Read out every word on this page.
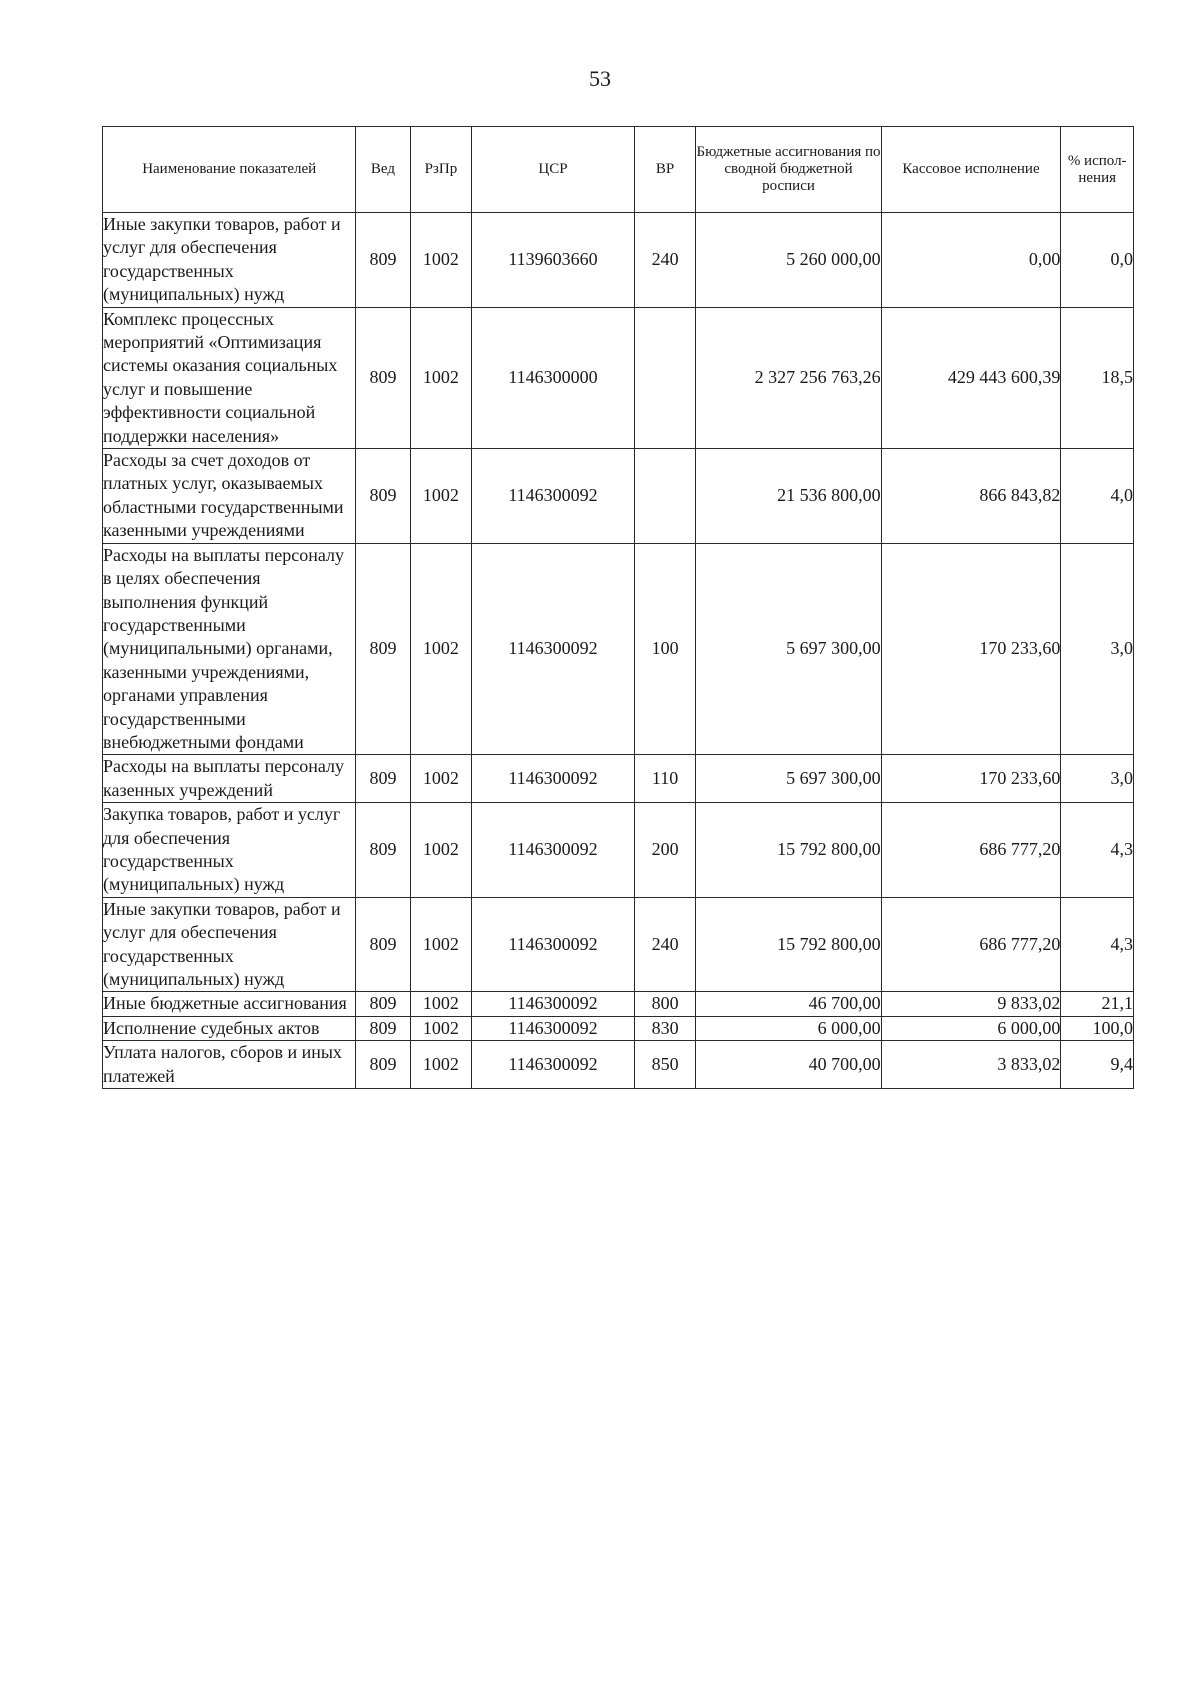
53
Наименование показателей	Вед	РзПр	ЦСР	ВР	Бюджетные ассигнования по сводной бюджетной росписи	Кассовое исполнение	% испол-нения
Иные закупки товаров, работ и услуг для обеспечения государственных (муниципальных) нужд	809	1002	1139603660	240	5 260 000,00	0,00	0,0
Комплекс процессных мероприятий «Оптимизация системы оказания социальных услуг и повышение эффективности социальной поддержки населения»	809	1002	1146300000		2 327 256 763,26	429 443 600,39	18,5
Расходы за счет доходов от платных услуг, оказываемых областными государственными казенными учреждениями	809	1002	1146300092		21 536 800,00	866 843,82	4,0
Расходы на выплаты персоналу в целях обеспечения выполнения функций государственными (муниципальными) органами, казенными учреждениями, органами управления государственными внебюджетными фондами	809	1002	1146300092	100	5 697 300,00	170 233,60	3,0
Расходы на выплаты персоналу казенных учреждений	809	1002	1146300092	110	5 697 300,00	170 233,60	3,0
Закупка товаров, работ и услуг для обеспечения государственных (муниципальных) нужд	809	1002	1146300092	200	15 792 800,00	686 777,20	4,3
Иные закупки товаров, работ и услуг для обеспечения государственных (муниципальных) нужд	809	1002	1146300092	240	15 792 800,00	686 777,20	4,3
Иные бюджетные ассигнования	809	1002	1146300092	800	46 700,00	9 833,02	21,1
Исполнение судебных актов	809	1002	1146300092	830	6 000,00	6 000,00	100,0
Уплата налогов, сборов и иных платежей	809	1002	1146300092	850	40 700,00	3 833,02	9,4
